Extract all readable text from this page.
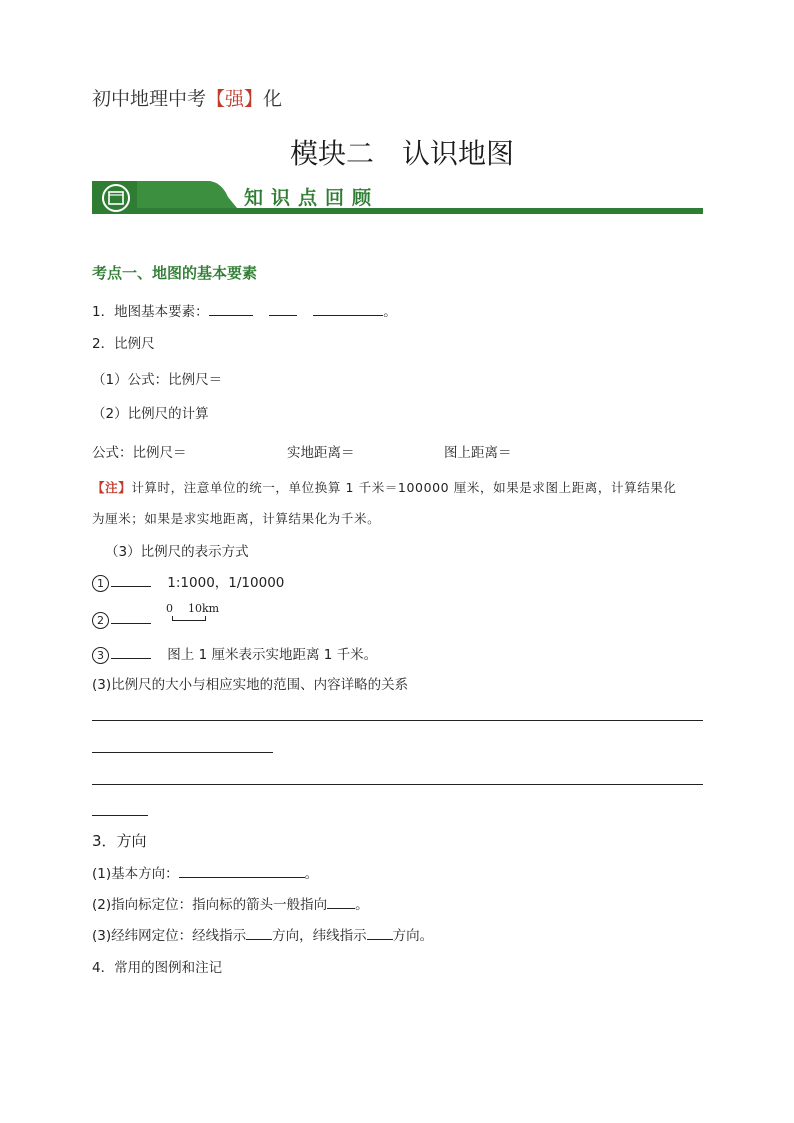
初中地理中考【强】化
模块二　认识地图
知识点回顾
考点一、地图的基本要素
1．地图基本要素：	。
2．比例尺
（1）公式：比例尺＝
（2）比例尺的计算
公式：比例尺＝	实地距离＝	图上距离＝
【注】计算时，注意单位的统一，单位换算 1 千米＝100000 厘米，如果是求图上距离，计算结果化
为厘米；如果是求实地距离，计算结果化为千米。
（3）比例尺的表示方式
1	1:1000，1/10000
2
0 10km
3	图上 1 厘米表示实地距离 1 千米。
(3)比例尺的大小与相应实地的范围、内容详略的关系
3．方向
(1)基本方向：	。
(2)指向标定位：指向标的箭头一般指向 。
(3)经纬网定位：经线指示 方向，纬线指示 方向。
4．常用的图例和注记
